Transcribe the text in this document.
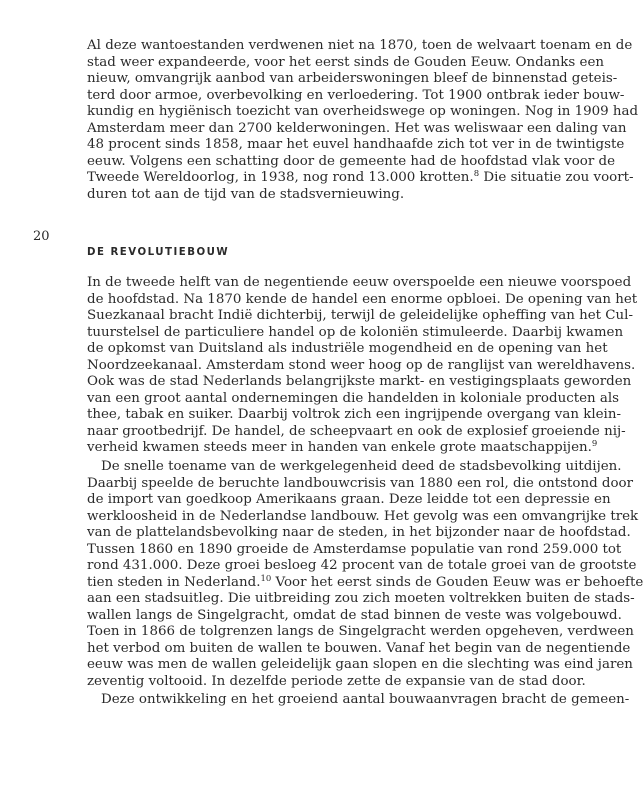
Al deze wantoestanden verdwenen niet na 1870, toen de welvaart toenam en de
stad weer expandeerde, voor het eerst sinds de Gouden Eeuw. Ondanks een
nieuw, omvangrijk aanbod van arbeiderswoningen bleef de binnenstad geteis-
terd door armoe, overbevolking en verloedering. Tot 1900 ontbrak ieder bouw-
kundig en hygiënisch toezicht van overheidswege op woningen. Nog in 1909 had
Amsterdam meer dan 2700 kelderwoningen. Het was weliswaar een daling van
48 procent sinds 1858, maar het euvel handhaafde zich tot ver in de twintigste
eeuw. Volgens een schatting door de gemeente had de hoofdstad vlak voor de
Tweede Wereldoorlog, in 1938, nog rond 13.000 krotten.$^8$ Die situatie zou voort-
duren tot aan de tijd van de stadsvernieuwing.
20
DE REVOLUTIEBOUW
In de tweede helft van de negentiende eeuw overspoelde een nieuwe voorspoed
de hoofdstad. Na 1870 kende de handel een enorme opbloei. De opening van het
Suezkanaal bracht Indië dichterbij, terwijl de geleidelijke opheffing van het Cul-
tuurstelsel de particuliere handel op de koloniën stimuleerde. Daarbij kwamen
de opkomst van Duitsland als industriële mogendheid en de opening van het
Noordzeekanaal. Amsterdam stond weer hoog op de ranglijst van wereldhavens.
Ook was de stad Nederlands belangrijkste markt- en vestigingsplaats geworden
van een groot aantal ondernemingen die handelden in koloniale producten als
thee, tabak en suiker. Daarbij voltrok zich een ingrijpende overgang van klein-
naar grootbedrijf. De handel, de scheepvaart en ook de explosief groeiende nij-
verheid kwamen steeds meer in handen van enkele grote maatschappijen.$^9$
De snelle toename van de werkgelegenheid deed de stadsbevolking uitdijen.
Daarbij speelde de beruchte landbouwcrisis van 1880 een rol, die ontstond door
de import van goedkoop Amerikaans graan. Deze leidde tot een depressie en
werkloosheid in de Nederlandse landbouw. Het gevolg was een omvangrijke trek
van de plattelandsbevolking naar de steden, in het bijzonder naar de hoofdstad.
Tussen 1860 en 1890 groeide de Amsterdamse populatie van rond 259.000 tot
rond 431.000. Deze groei besloeg 42 procent van de totale groei van de grootste
tien steden in Nederland.$^{10}$ Voor het eerst sinds de Gouden Eeuw was er behoefte
aan een stadsuitleg. Die uitbreiding zou zich moeten voltrekken buiten de stads-
wallen langs de Singelgracht, omdat de stad binnen de veste was volgebouwd.
Toen in 1866 de tolgrenzen langs de Singelgracht werden opgeheven, verdween
het verbod om buiten de wallen te bouwen. Vanaf het begin van de negentiende
eeuw was men de wallen geleidelijk gaan slopen en die slechting was eind jaren
zeventig voltooid. In dezelfde periode zette de expansie van de stad door.
Deze ontwikkeling en het groeiend aantal bouwaanvragen bracht de gemeen-
